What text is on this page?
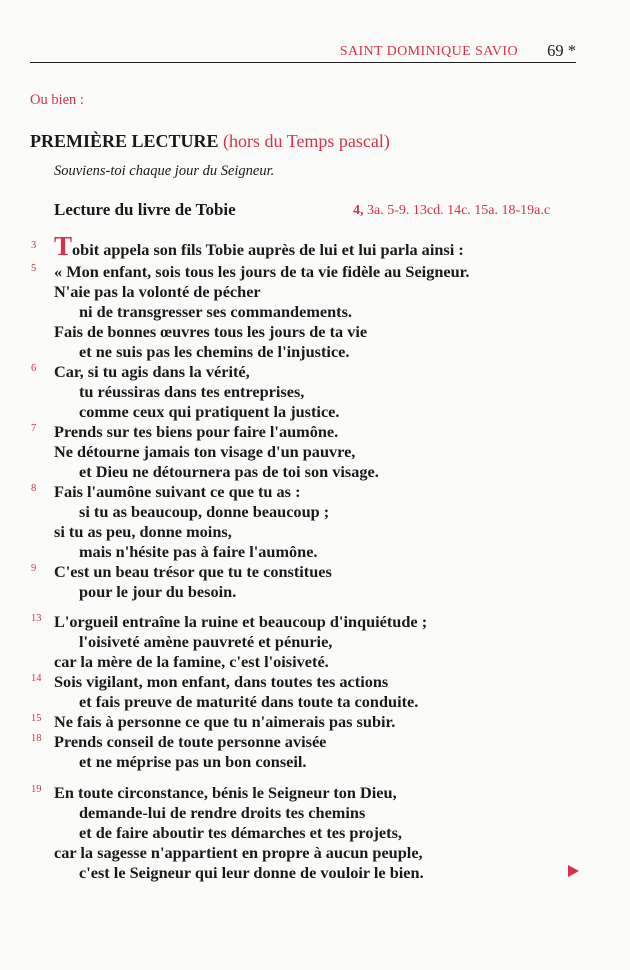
SAINT DOMINIQUE SAVIO 69 *
Ou bien :
PREMIÈRE LECTURE (hors du Temps pascal)
Souviens-toi chaque jour du Seigneur.
Lecture du livre de Tobie	4, 3a. 5-9. 13cd. 14c. 15a. 18-19a.c
Tobit appela son fils Tobie auprès de lui et lui parla ainsi :
« Mon enfant, sois tous les jours de ta vie fidèle au Seigneur.
N'aie pas la volonté de pécher
ni de transgresser ses commandements.
Fais de bonnes œuvres tous les jours de ta vie
et ne suis pas les chemins de l'injustice.
Car, si tu agis dans la vérité,
tu réussiras dans tes entreprises,
comme ceux qui pratiquent la justice.
Prends sur tes biens pour faire l'aumône.
Ne détourne jamais ton visage d'un pauvre,
et Dieu ne détournera pas de toi son visage.
Fais l'aumône suivant ce que tu as :
si tu as beaucoup, donne beaucoup ;
si tu as peu, donne moins,
mais n'hésite pas à faire l'aumône.
C'est un beau trésor que tu te constitues
pour le jour du besoin.
L'orgueil entraîne la ruine et beaucoup d'inquiétude ;
l'oisiveté amène pauvreté et pénurie,
car la mère de la famine, c'est l'oisiveté.
Sois vigilant, mon enfant, dans toutes tes actions
et fais preuve de maturité dans toute ta conduite.
Ne fais à personne ce que tu n'aimerais pas subir.
Prends conseil de toute personne avisée
et ne méprise pas un bon conseil.
En toute circonstance, bénis le Seigneur ton Dieu,
demande-lui de rendre droits tes chemins
et de faire aboutir tes démarches et tes projets,
car la sagesse n'appartient en propre à aucun peuple,
c'est le Seigneur qui leur donne de vouloir le bien.
3
5
6
7
8
9
13
14
15
18
19
